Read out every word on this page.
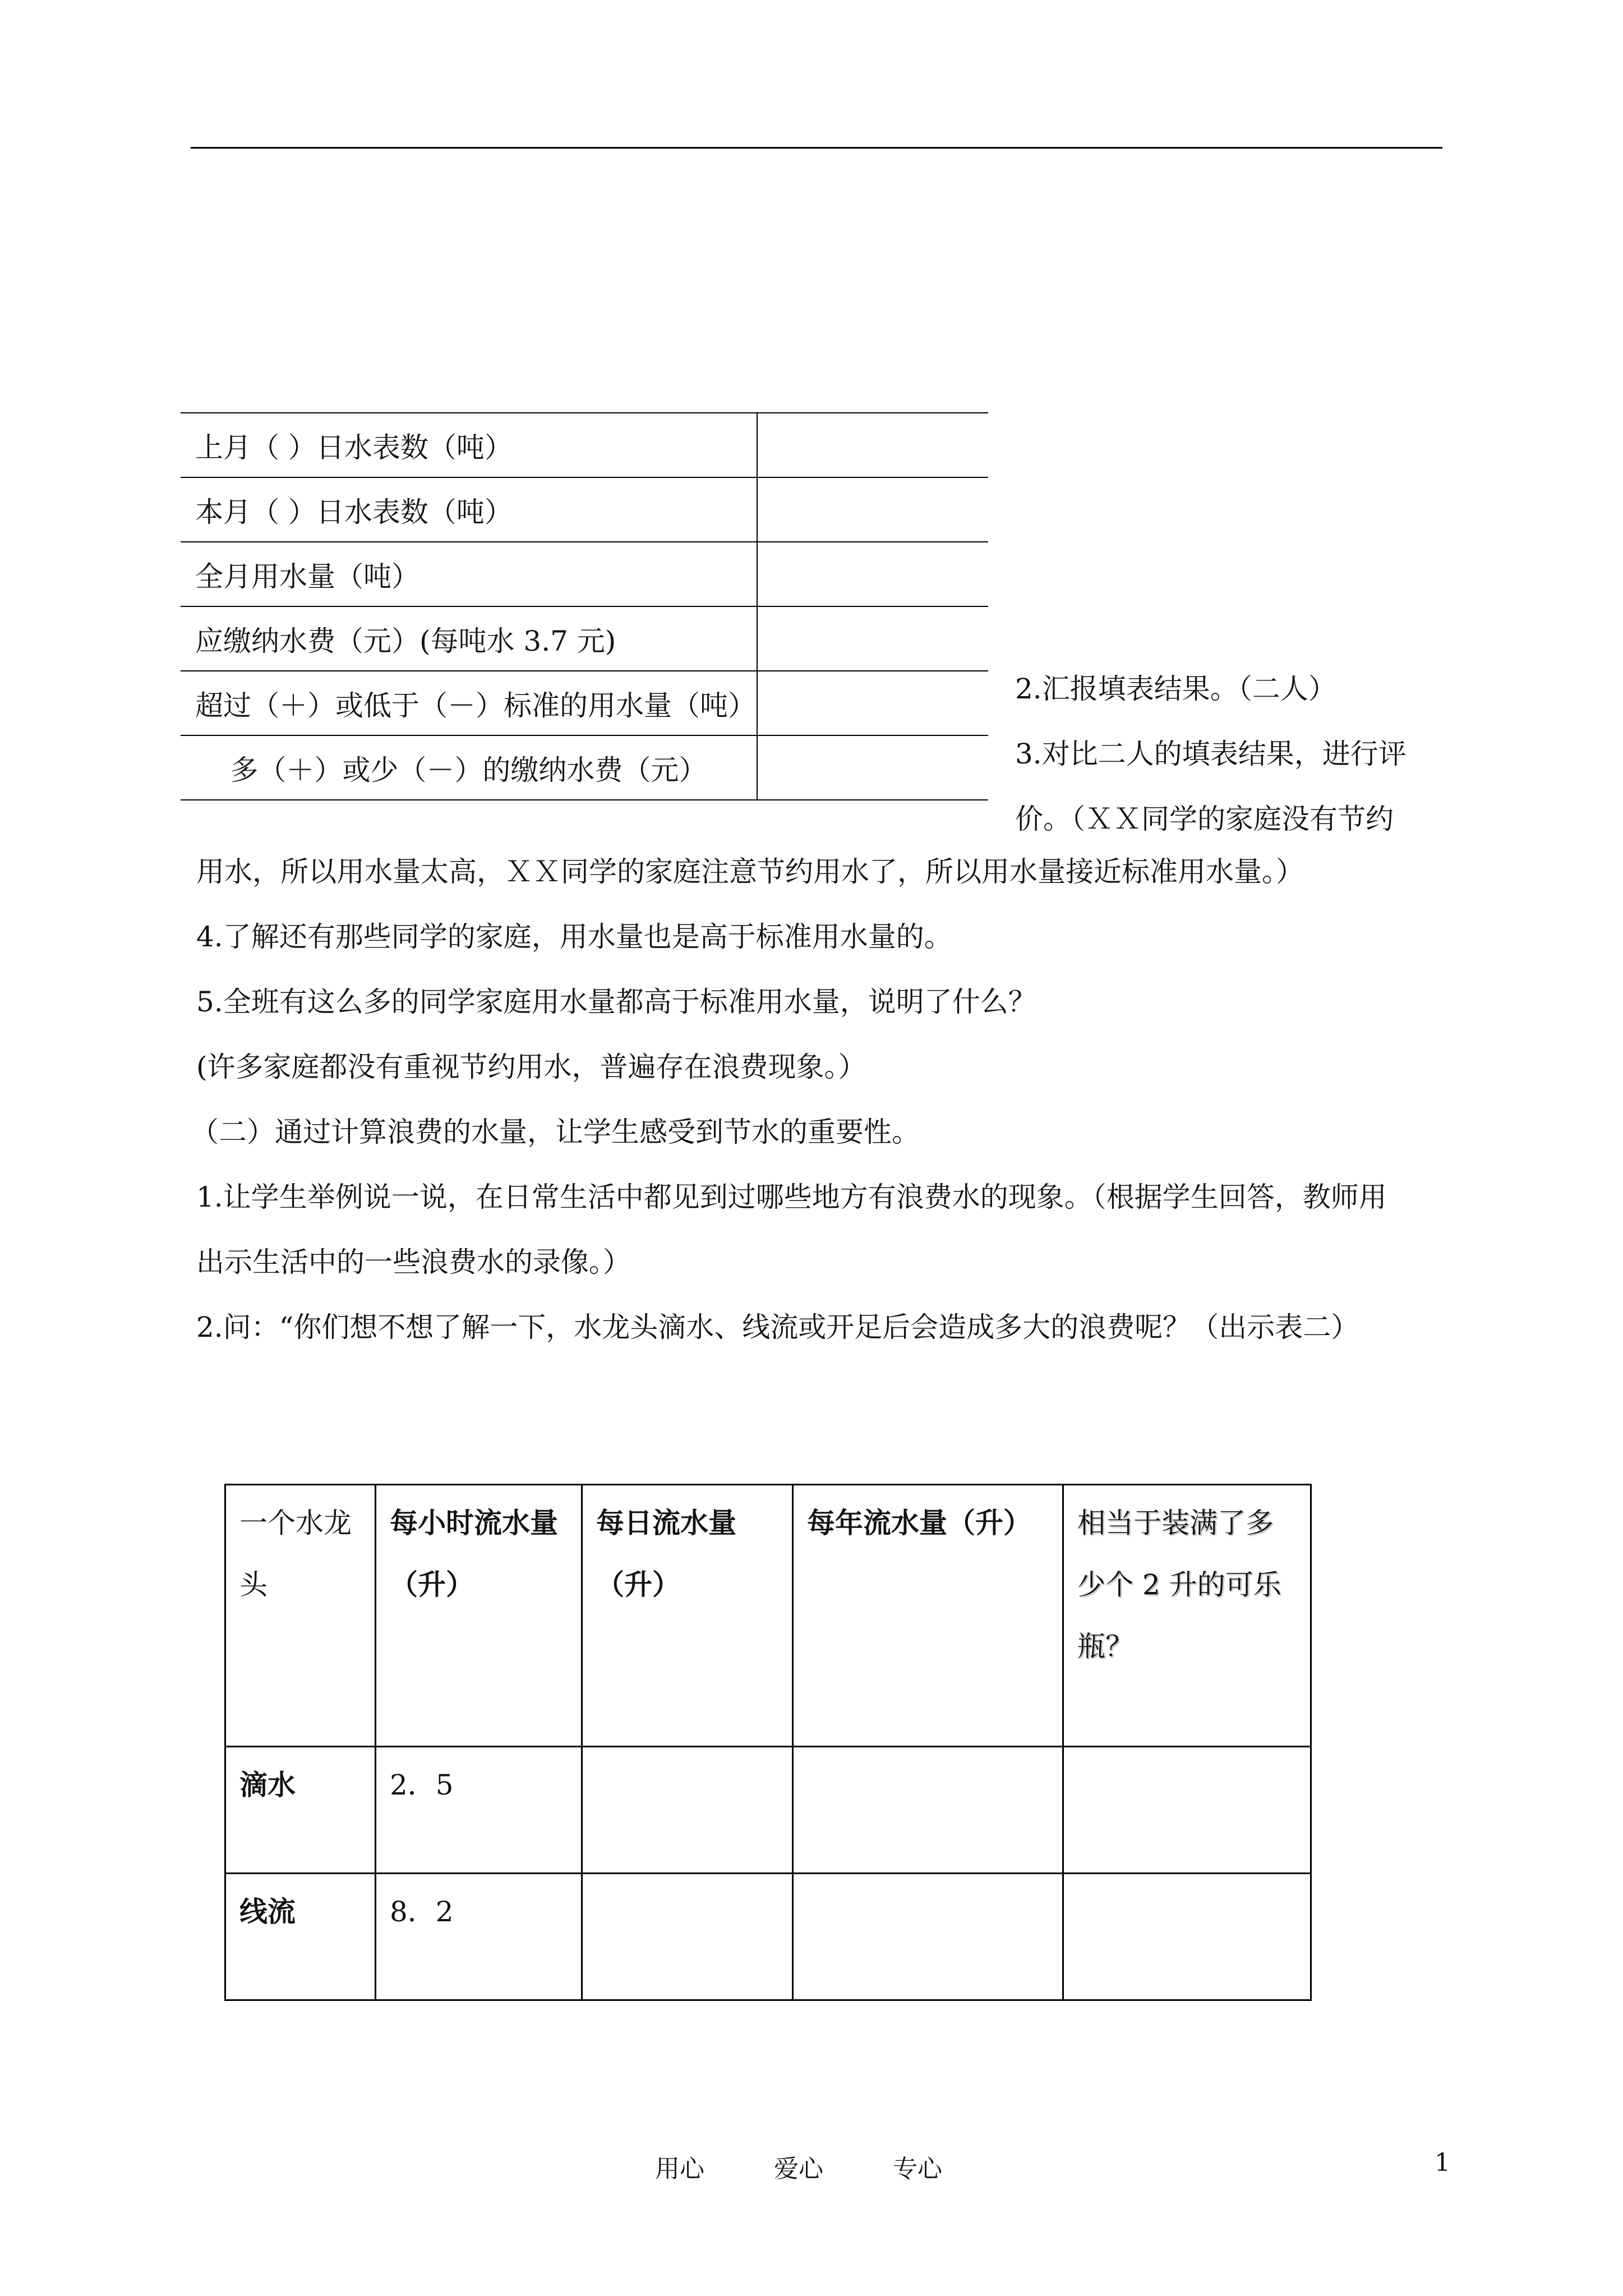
上月（ ）日水表数（吨）	
本月（ ）日水表数（吨）	
全月用水量（吨）	
应缴纳水费（元）(每吨水 3.7 元)	
超过（＋）或低于（－）标准的用水量（吨）	
多（＋）或少（－）的缴纳水费（元）	

2.汇报填表结果。（二人）

3.对比二人的填表结果，进行评

价。（ＸＸ同学的家庭没有节约

用水，所以用水量太高，ＸＸ同学的家庭注意节约用水了，所以用水量接近标准用水量。）

4.了解还有那些同学的家庭，用水量也是高于标准用水量的。

5.全班有这么多的同学家庭用水量都高于标准用水量，说明了什么？

(许多家庭都没有重视节约用水，普遍存在浪费现象。）

（二）通过计算浪费的水量，让学生感受到节水的重要性。

1.让学生举例说一说，在日常生活中都见到过哪些地方有浪费水的现象。（根据学生回答，教师用

出示生活中的一些浪费水的录像。）

2.问：“你们想不想了解一下，水龙头滴水、线流或开足后会造成多大的浪费呢？（出示表二）

一个水龙头	每小时流水量（升）	每日流水量（升）	每年流水量（升）	相当于装满了多少个 2 升的可乐瓶？
滴水	2．5			
线流	8．2			
用心	爱心	专心	1
